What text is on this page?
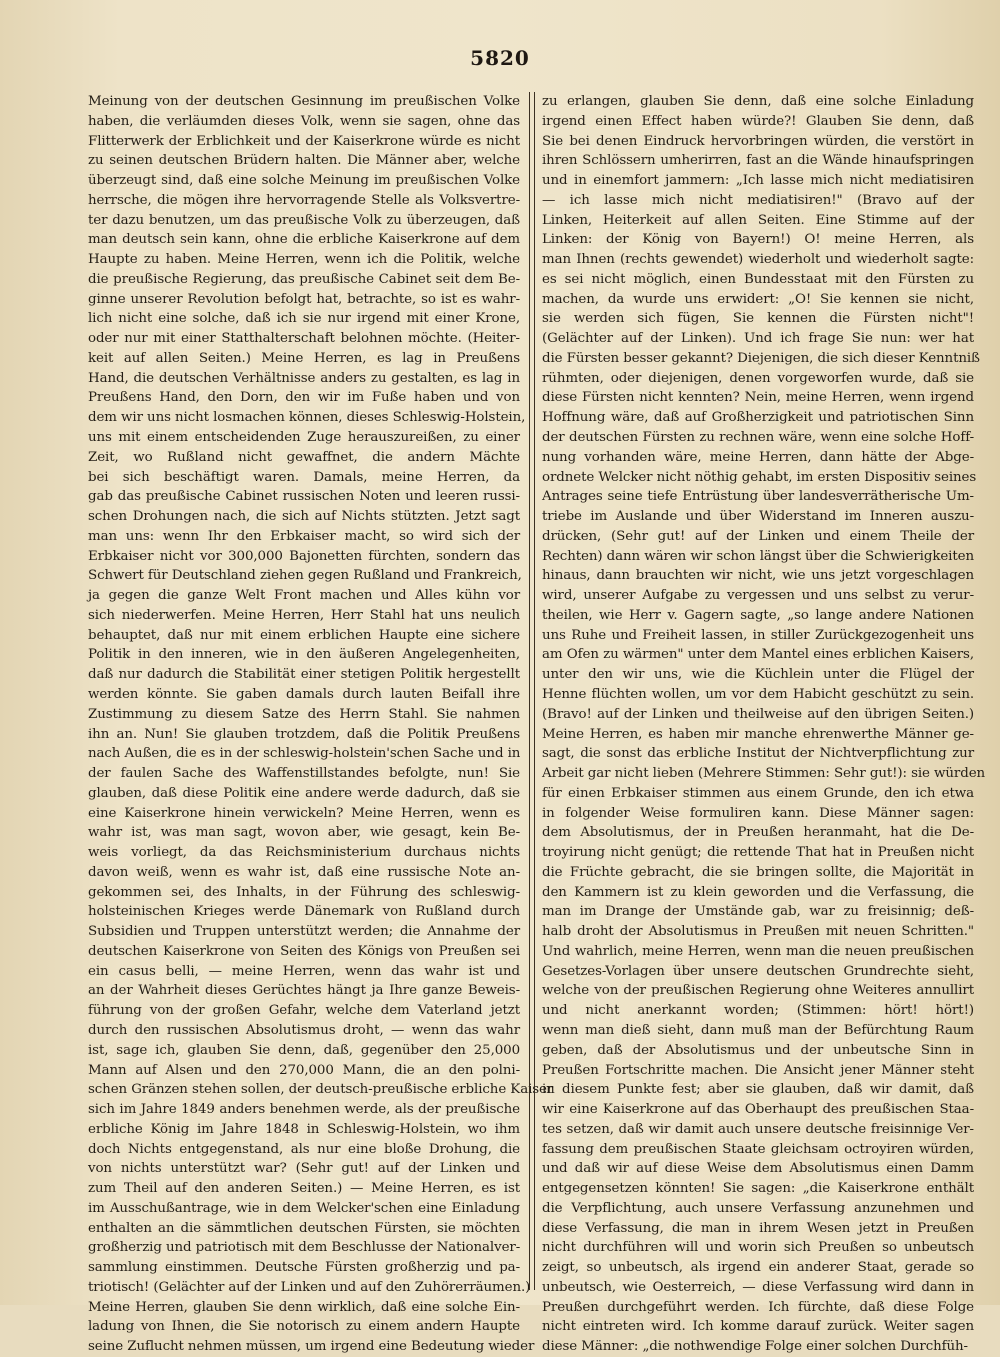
5820
Meinung von der deutschen Gesinnung im preußischen Volke
haben, die verläumden dieses Volk, wenn sie sagen, ohne das
Flitterwerk der Erblichkeit und der Kaiserkrone würde es nicht
zu seinen deutschen Brüdern halten. Die Männer aber, welche
überzeugt sind, daß eine solche Meinung im preußischen Volke
herrsche, die mögen ihre hervorragende Stelle als Volksvertre-
ter dazu benutzen, um das preußische Volk zu überzeugen, daß
man deutsch sein kann, ohne die erbliche Kaiserkrone auf dem
Haupte zu haben. Meine Herren, wenn ich die Politik, welche
die preußische Regierung, das preußische Cabinet seit dem Be-
ginne unserer Revolution befolgt hat, betrachte, so ist es wahr-
lich nicht eine solche, daß ich sie nur irgend mit einer Krone,
oder nur mit einer Statthalterschaft belohnen möchte. (Heiter-
keit auf allen Seiten.) Meine Herren, es lag in Preußens
Hand, die deutschen Verhältnisse anders zu gestalten, es lag in
Preußens Hand, den Dorn, den wir im Fuße haben und von
dem wir uns nicht losmachen können, dieses Schleswig-Holstein,
uns mit einem entscheidenden Zuge herauszureißen, zu einer
Zeit, wo Rußland nicht gewaffnet, die andern Mächte
bei sich beschäftigt waren. Damals, meine Herren, da
gab das preußische Cabinet russischen Noten und leeren russi-
schen Drohungen nach, die sich auf Nichts stützten. Jetzt sagt
man uns: wenn Ihr den Erbkaiser macht, so wird sich der
Erbkaiser nicht vor 300,000 Bajonetten fürchten, sondern das
Schwert für Deutschland ziehen gegen Rußland und Frankreich,
ja gegen die ganze Welt Front machen und Alles kühn vor
sich niederwerfen. Meine Herren, Herr Stahl hat uns neulich
behauptet, daß nur mit einem erblichen Haupte eine sichere
Politik in den inneren, wie in den äußeren Angelegenheiten,
daß nur dadurch die Stabilität einer stetigen Politik hergestellt
werden könnte. Sie gaben damals durch lauten Beifall ihre
Zustimmung zu diesem Satze des Herrn Stahl. Sie nahmen
ihn an. Nun! Sie glauben trotzdem, daß die Politik Preußens
nach Außen, die es in der schleswig-holstein'schen Sache und in
der faulen Sache des Waffenstillstandes befolgte, nun! Sie
glauben, daß diese Politik eine andere werde dadurch, daß sie
eine Kaiserkrone hinein verwickeln? Meine Herren, wenn es
wahr ist, was man sagt, wovon aber, wie gesagt, kein Be-
weis vorliegt, da das Reichsministerium durchaus nichts
davon weiß, wenn es wahr ist, daß eine russische Note an-
gekommen sei, des Inhalts, in der Führung des schleswig-
holsteinischen Krieges werde Dänemark von Rußland durch
Subsidien und Truppen unterstützt werden; die Annahme der
deutschen Kaiserkrone von Seiten des Königs von Preußen sei
ein casus belli, — meine Herren, wenn das wahr ist und
an der Wahrheit dieses Gerüchtes hängt ja Ihre ganze Beweis-
führung von der großen Gefahr, welche dem Vaterland jetzt
durch den russischen Absolutismus droht, — wenn das wahr
ist, sage ich, glauben Sie denn, daß, gegenüber den 25,000
Mann auf Alsen und den 270,000 Mann, die an den polni-
schen Gränzen stehen sollen, der deutsch-preußische erbliche Kaiser
sich im Jahre 1849 anders benehmen werde, als der preußische
erbliche König im Jahre 1848 in Schleswig-Holstein, wo ihm
doch Nichts entgegenstand, als nur eine bloße Drohung, die
von nichts unterstützt war? (Sehr gut! auf der Linken und
zum Theil auf den anderen Seiten.) — Meine Herren, es ist
im Ausschußantrage, wie in dem Welcker'schen eine Einladung
enthalten an die sämmtlichen deutschen Fürsten, sie möchten
großherzig und patriotisch mit dem Beschlusse der Nationalver-
sammlung einstimmen. Deutsche Fürsten großherzig und pa-
triotisch! (Gelächter auf der Linken und auf den Zuhörerräumen.)
Meine Herren, glauben Sie denn wirklich, daß eine solche Ein-
ladung von Ihnen, die Sie notorisch zu einem andern Haupte
seine Zuflucht nehmen müssen, um irgend eine Bedeutung wieder
zu erlangen, glauben Sie denn, daß eine solche Einladung
irgend einen Effect haben würde?! Glauben Sie denn, daß
Sie bei denen Eindruck hervorbringen würden, die verstört in
ihren Schlössern umherirren, fast an die Wände hinaufspringen
und in einemfort jammern: „Ich lasse mich nicht mediatisiren
— ich lasse mich nicht mediatisiren!" (Bravo auf der
Linken, Heiterkeit auf allen Seiten. Eine Stimme auf der
Linken: der König von Bayern!) O! meine Herren, als
man Ihnen (rechts gewendet) wiederholt und wiederholt sagte:
es sei nicht möglich, einen Bundesstaat mit den Fürsten zu
machen, da wurde uns erwidert: „O! Sie kennen sie nicht,
sie werden sich fügen, Sie kennen die Fürsten nicht"!
(Gelächter auf der Linken). Und ich frage Sie nun: wer hat
die Fürsten besser gekannt? Diejenigen, die sich dieser Kenntniß
rühmten, oder diejenigen, denen vorgeworfen wurde, daß sie
diese Fürsten nicht kennten? Nein, meine Herren, wenn irgend
Hoffnung wäre, daß auf Großherzigkeit und patriotischen Sinn
der deutschen Fürsten zu rechnen wäre, wenn eine solche Hoff-
nung vorhanden wäre, meine Herren, dann hätte der Abge-
ordnete Welcker nicht nöthig gehabt, im ersten Dispositiv seines
Antrages seine tiefe Entrüstung über landesverrätherische Um-
triebe im Auslande und über Widerstand im Inneren auszu-
drücken, (Sehr gut! auf der Linken und einem Theile der
Rechten) dann wären wir schon längst über die Schwierigkeiten
hinaus, dann brauchten wir nicht, wie uns jetzt vorgeschlagen
wird, unserer Aufgabe zu vergessen und uns selbst zu verur-
theilen, wie Herr v. Gagern sagte, „so lange andere Nationen
uns Ruhe und Freiheit lassen, in stiller Zurückgezogenheit uns
am Ofen zu wärmen" unter dem Mantel eines erblichen Kaisers,
unter den wir uns, wie die Küchlein unter die Flügel der
Henne flüchten wollen, um vor dem Habicht geschützt zu sein.
(Bravo! auf der Linken und theilweise auf den übrigen Seiten.)
Meine Herren, es haben mir manche ehrenwerthe Männer ge-
sagt, die sonst das erbliche Institut der Nichtverpflichtung zur
Arbeit gar nicht lieben (Mehrere Stimmen: Sehr gut!): sie würden
für einen Erbkaiser stimmen aus einem Grunde, den ich etwa
in folgender Weise formuliren kann. Diese Männer sagen:
dem Absolutismus, der in Preußen heranmaht, hat die De-
troyirung nicht genügt; die rettende That hat in Preußen nicht
die Früchte gebracht, die sie bringen sollte, die Majorität in
den Kammern ist zu klein geworden und die Verfassung, die
man im Drange der Umstände gab, war zu freisinnig; deß-
halb droht der Absolutismus in Preußen mit neuen Schritten."
Und wahrlich, meine Herren, wenn man die neuen preußischen
Gesetzes-Vorlagen über unsere deutschen Grundrechte sieht,
welche von der preußischen Regierung ohne Weiteres annullirt
und nicht anerkannt worden; (Stimmen: hört! hört!)
wenn man dieß sieht, dann muß man der Befürchtung Raum
geben, daß der Absolutismus und der unbeutsche Sinn in
Preußen Fortschritte machen. Die Ansicht jener Männer steht
in diesem Punkte fest; aber sie glauben, daß wir damit, daß
wir eine Kaiserkrone auf das Oberhaupt des preußischen Staa-
tes setzen, daß wir damit auch unsere deutsche freisinnige Ver-
fassung dem preußischen Staate gleichsam octroyiren würden,
und daß wir auf diese Weise dem Absolutismus einen Damm
entgegensetzen könnten! Sie sagen: „die Kaiserkrone enthält
die Verpflichtung, auch unsere Verfassung anzunehmen und
diese Verfassung, die man in ihrem Wesen jetzt in Preußen
nicht durchführen will und worin sich Preußen so unbeutsch
zeigt, so unbeutsch, als irgend ein anderer Staat, gerade so
unbeutsch, wie Oesterreich, — diese Verfassung wird dann in
Preußen durchgeführt werden. Ich fürchte, daß diese Folge
nicht eintreten wird. Ich komme darauf zurück. Weiter sagen
diese Männer: „die nothwendige Folge einer solchen Durchfüh-
